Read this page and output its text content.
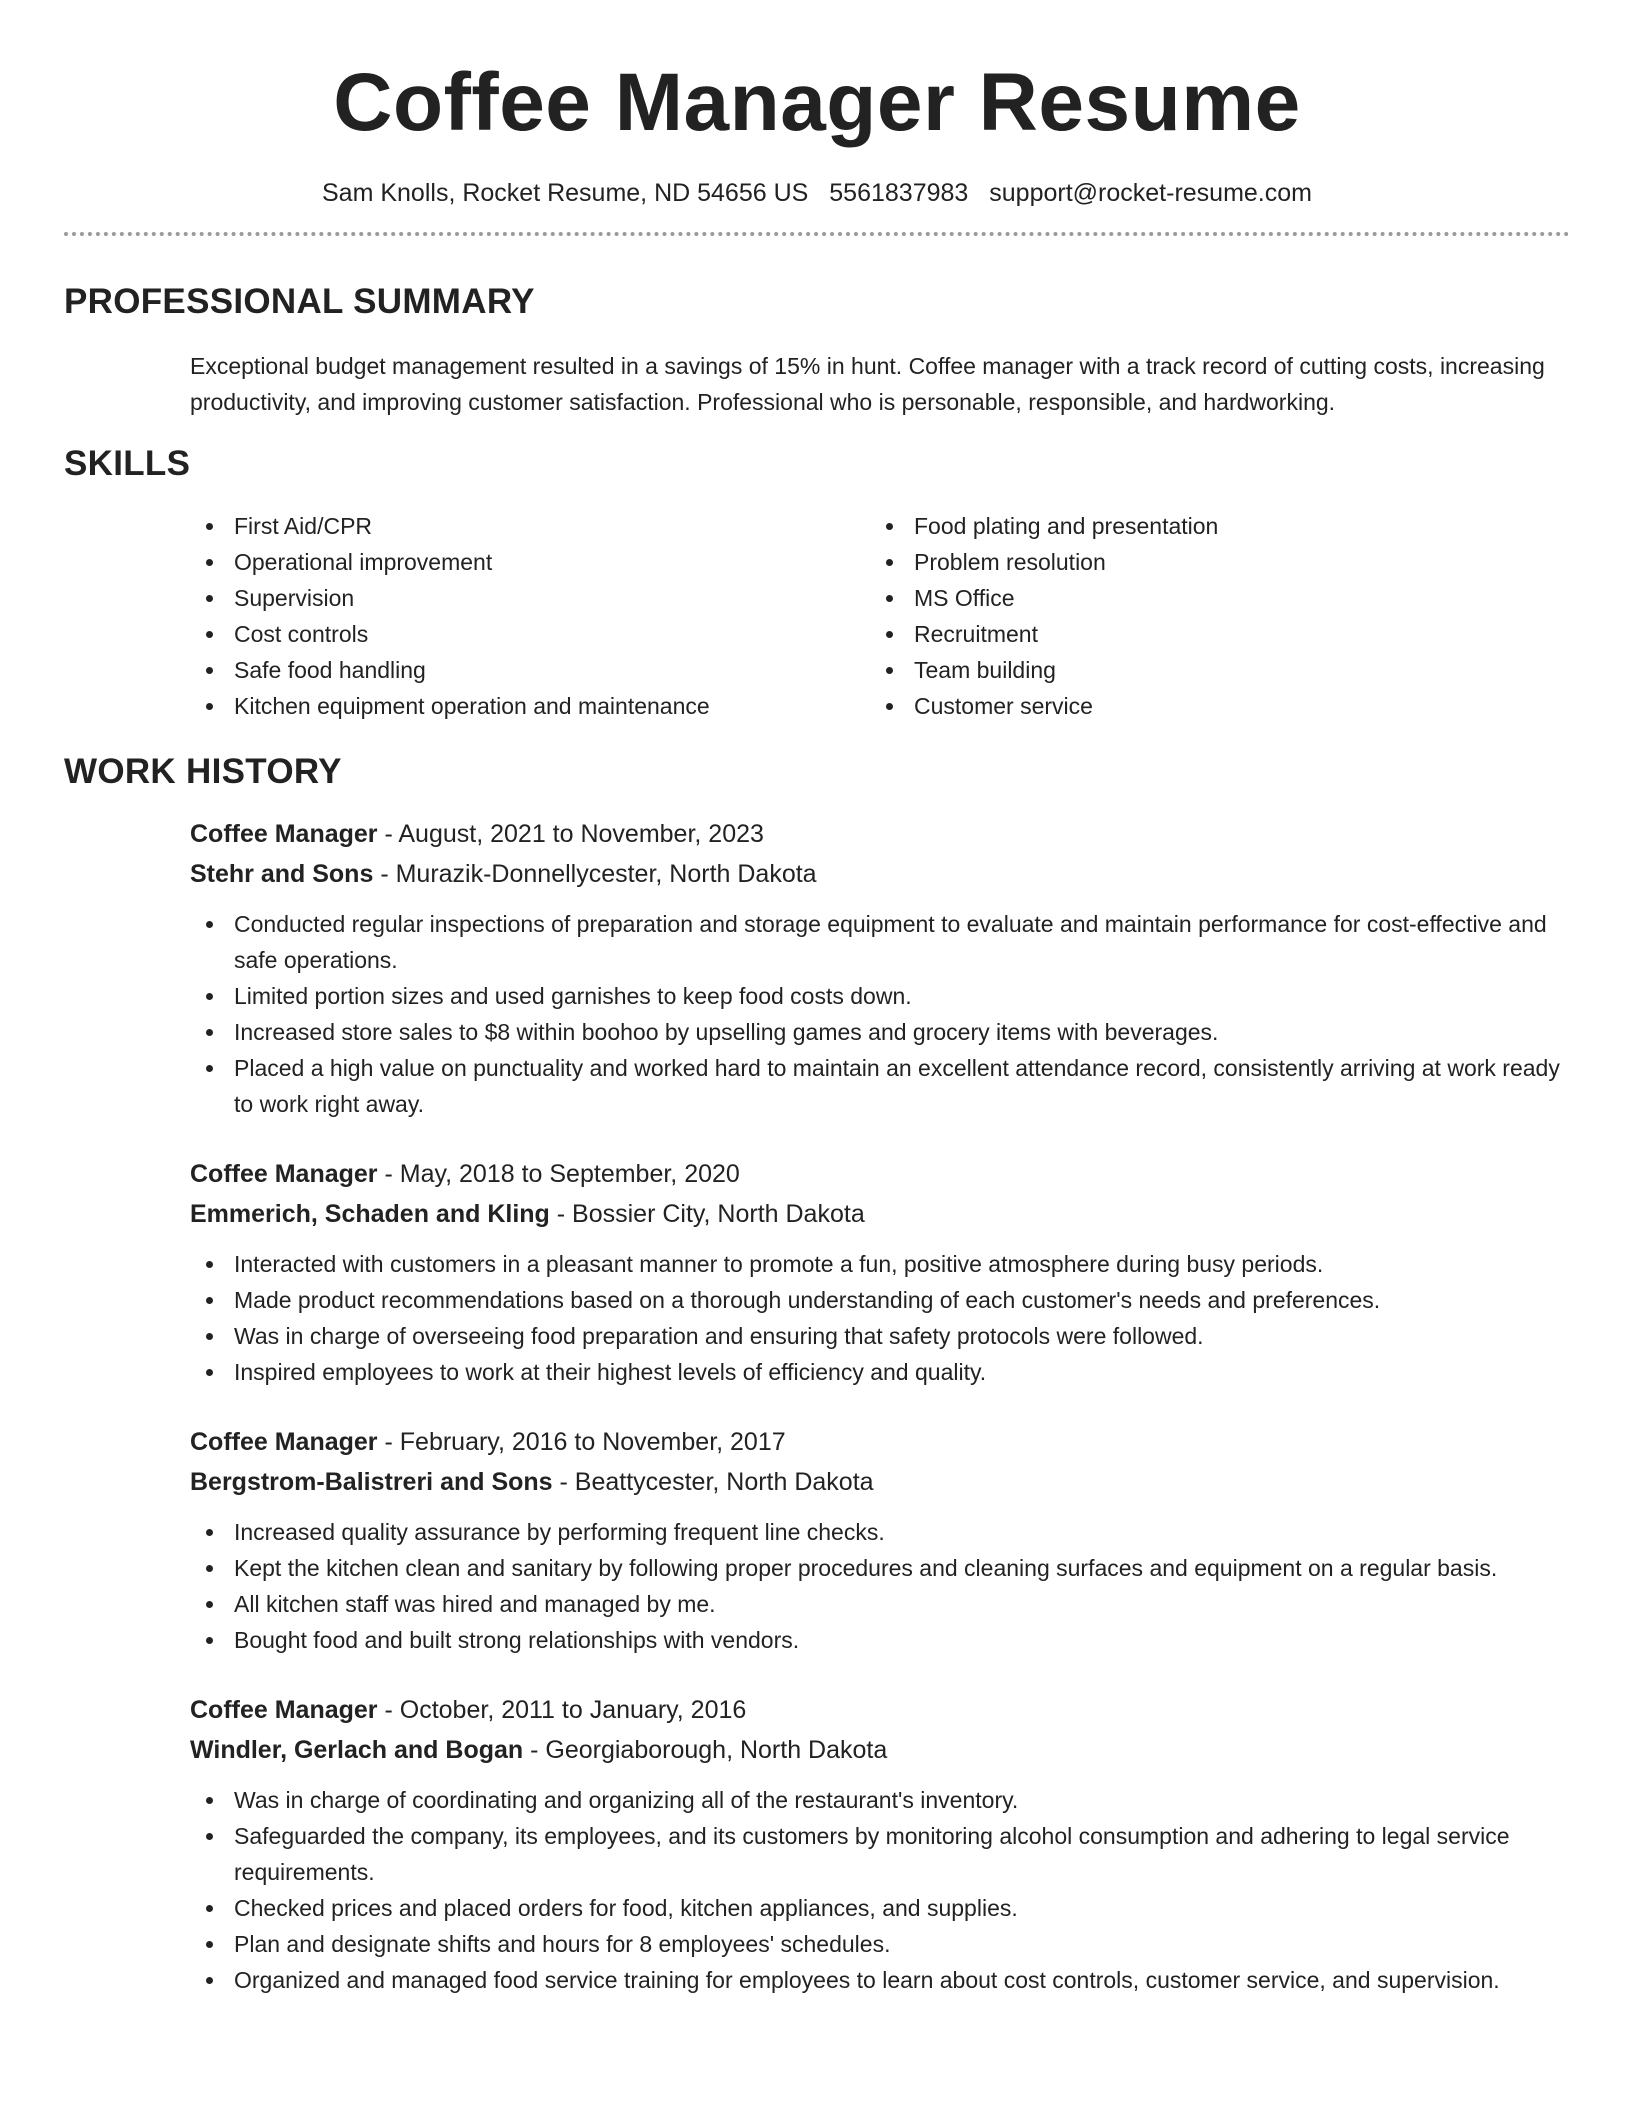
Coffee Manager Resume
Sam Knolls, Rocket Resume, ND 54656 US 5561837983 support@rocket-resume.com
PROFESSIONAL SUMMARY

Exceptional budget management resulted in a savings of 15% in hunt. Coffee manager with a track record of cutting costs, increasing productivity, and improving customer satisfaction. Professional who is personable, responsible, and hardworking.

SKILLS
First Aid/CPR
Operational improvement
Supervision
Cost controls
Safe food handling
Kitchen equipment operation and maintenance
Food plating and presentation
Problem resolution
MS Office
Recruitment
Team building
Customer service
WORK HISTORY
Coffee Manager - August, 2021 to November, 2023
Stehr and Sons - Murazik-Donnellycester, North Dakota
Conducted regular inspections of preparation and storage equipment to evaluate and maintain performance for cost-effective and safe operations.
Limited portion sizes and used garnishes to keep food costs down.
Increased store sales to $8 within boohoo by upselling games and grocery items with beverages.
Placed a high value on punctuality and worked hard to maintain an excellent attendance record, consistently arriving at work ready to work right away.
Coffee Manager - May, 2018 to September, 2020
Emmerich, Schaden and Kling - Bossier City, North Dakota
Interacted with customers in a pleasant manner to promote a fun, positive atmosphere during busy periods.
Made product recommendations based on a thorough understanding of each customer's needs and preferences.
Was in charge of overseeing food preparation and ensuring that safety protocols were followed.
Inspired employees to work at their highest levels of efficiency and quality.
Coffee Manager - February, 2016 to November, 2017
Bergstrom-Balistreri and Sons - Beattycester, North Dakota
Increased quality assurance by performing frequent line checks.
Kept the kitchen clean and sanitary by following proper procedures and cleaning surfaces and equipment on a regular basis.
All kitchen staff was hired and managed by me.
Bought food and built strong relationships with vendors.
Coffee Manager - October, 2011 to January, 2016
Windler, Gerlach and Bogan - Georgiaborough, North Dakota
Was in charge of coordinating and organizing all of the restaurant's inventory.
Safeguarded the company, its employees, and its customers by monitoring alcohol consumption and adhering to legal service requirements.
Checked prices and placed orders for food, kitchen appliances, and supplies.
Plan and designate shifts and hours for 8 employees' schedules.
Organized and managed food service training for employees to learn about cost controls, customer service, and supervision.
